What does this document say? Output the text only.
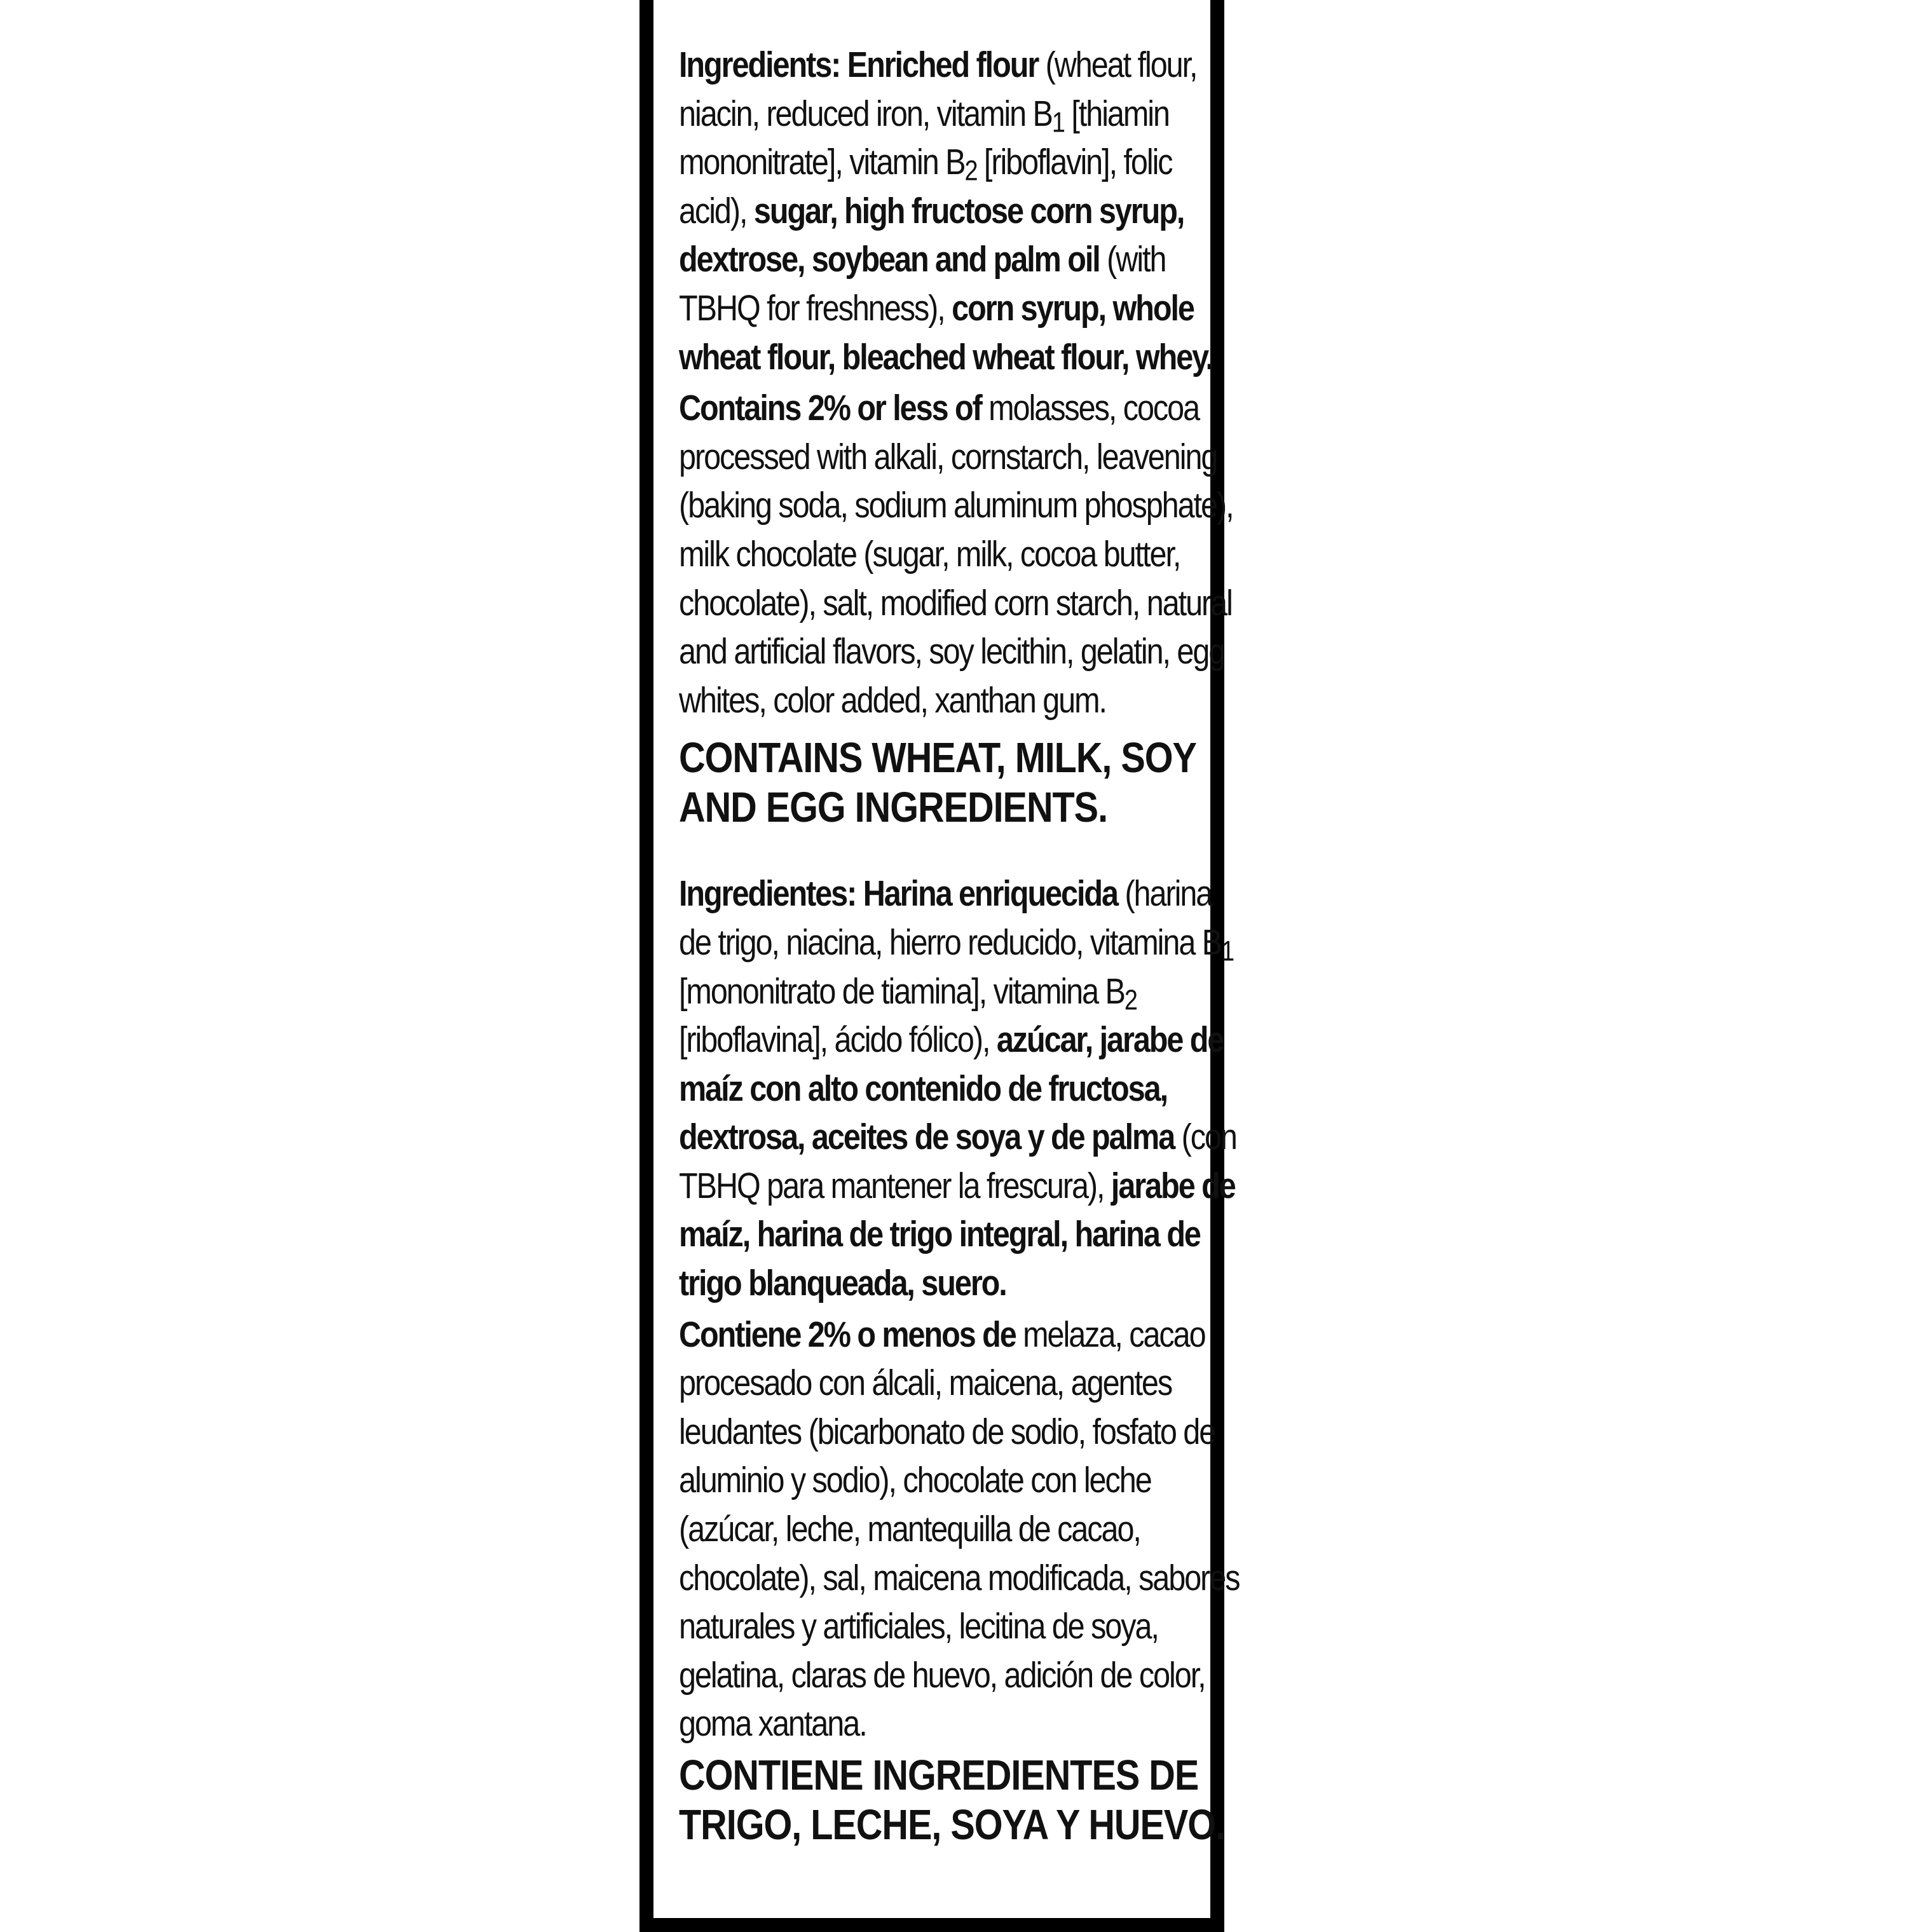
Ingredients: Enriched flour (wheat flour, niacin, reduced iron, vitamin $B_1$ [thiamin mononitrate], vitamin $B_2$ [riboflavin], folic acid), sugar, high fructose corn syrup, dextrose, soybean and palm oil (with TBHQ for freshness), corn syrup, whole wheat flour, bleached wheat flour, whey.

Contains 2% or less of molasses, cocoa processed with alkali, cornstarch, leavening (baking soda, sodium aluminum phosphate), milk chocolate (sugar, milk, cocoa butter, chocolate), salt, modified corn starch, natural and artificial flavors, soy lecithin, gelatin, egg whites, color added, xanthan gum.

CONTAINS WHEAT, MILK, SOY AND EGG INGREDIENTS.

Ingredientes: Harina enriquecida (harina de trigo, niacina, hierro reducido, vitamina $B_1$ [mononitrato de tiamina], vitamina $B_2$ [riboflavina], ácido fólico), azúcar, jarabe de maíz con alto contenido de fructosa, dextrosa, aceites de soya y de palma (con TBHQ para mantener la frescura), jarabe de maíz, harina de trigo integral, harina de trigo blanqueada, suero.

Contiene 2% o menos de melaza, cacao procesado con álcali, maicena, agentes leudantes (bicarbonato de sodio, fosfato de aluminio y sodio), chocolate con leche (azúcar, leche, mantequilla de cacao, chocolate), sal, maicena modificada, sabores naturales y artificiales, lecitina de soya, gelatina, claras de huevo, adición de color, goma xantana.

CONTIENE INGREDIENTES DE TRIGO, LECHE, SOYA Y HUEVO.
